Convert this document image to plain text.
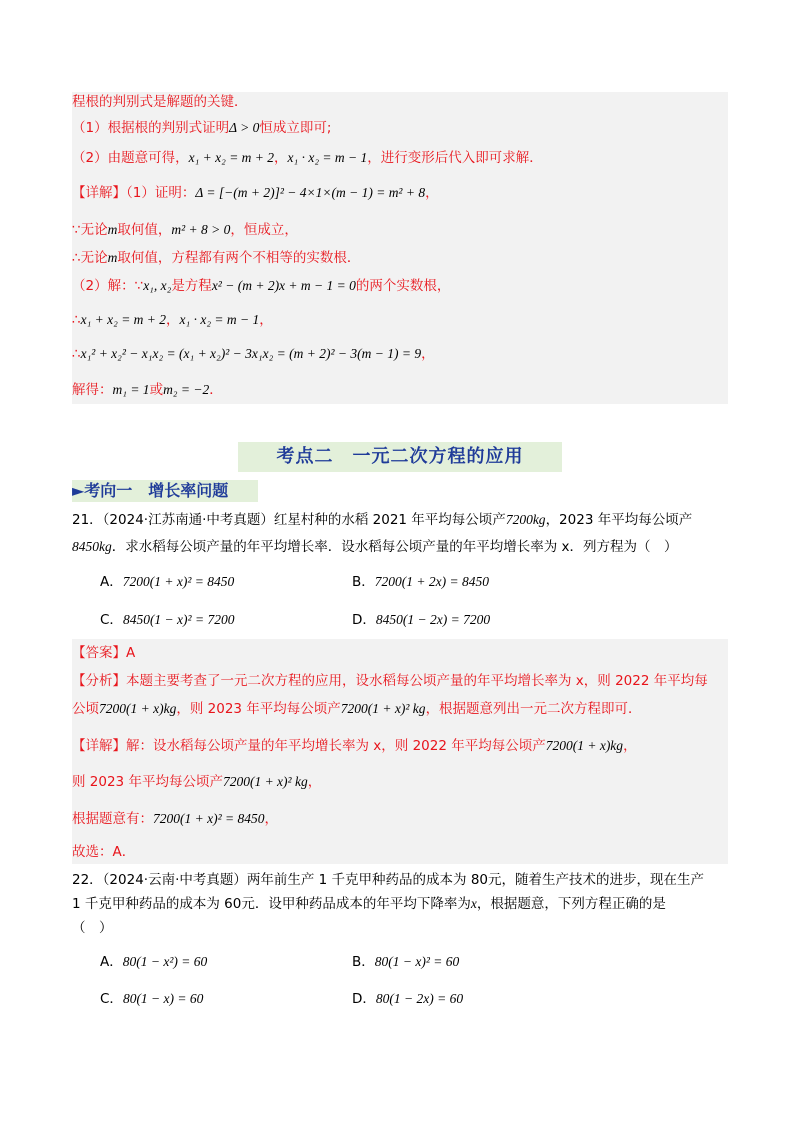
程根的判别式是解题的关键．
（1）根据根的判别式证明Δ > 0恒成立即可;
（2）由题意可得，x₁ + x₂ = m + 2，x₁ · x₂ = m − 1，进行变形后代入即可求解．
【详解】（1）证明：Δ = [−(m + 2)]² − 4×1×(m − 1) = m² + 8，
∵无论m取何值，m² + 8 > 0，恒成立，
∴无论m取何值，方程都有两个不相等的实数根．
（2）解：∵x₁, x₂是方程x² − (m + 2)x + m − 1 = 0的两个实数根，
∴x₁ + x₂ = m + 2，x₁ · x₂ = m − 1，
∴x₁² + x₂² − x₁x₂ = (x₁ + x₂)² − 3x₁x₂ = (m + 2)² − 3(m − 1) = 9，
解得：m₁ = 1或m₂ = −2．
考点二　一元二次方程的应用
►考向一　增长率问题
21．（2024·江苏南通·中考真题）红星村种的水稻 2021 年平均每公顷产7200kg，2023 年平均每公顷产
8450kg．求水稻每公顷产量的年平均增长率．设水稻每公顷产量的年平均增长率为 x．列方程为（　）
A．7200(1 + x)² = 8450	B．7200(1 + 2x) = 8450
C．8450(1 − x)² = 7200	D．8450(1 − 2x) = 7200
【答案】A
【分析】本题主要考查了一元二次方程的应用，设水稻每公顷产量的年平均增长率为 x，则 2022 年平均每
公顷7200(1 + x)kg，则 2023 年平均每公顷产7200(1 + x)² kg，根据题意列出一元二次方程即可．
【详解】解：设水稻每公顷产量的年平均增长率为 x，则 2022 年平均每公顷产7200(1 + x)kg，
则 2023 年平均每公顷产7200(1 + x)² kg，
根据题意有：7200(1 + x)² = 8450，
故选：A．
22．（2024·云南·中考真题）两年前生产 1 千克甲种药品的成本为 80元，随着生产技术的进步，现在生产
1 千克甲种药品的成本为 60元．设甲种药品成本的年平均下降率为x，根据题意，下列方程正确的是
（　）
A．80(1 − x²) = 60	B．80(1 − x)² = 60
C．80(1 − x) = 60	D．80(1 − 2x) = 60
